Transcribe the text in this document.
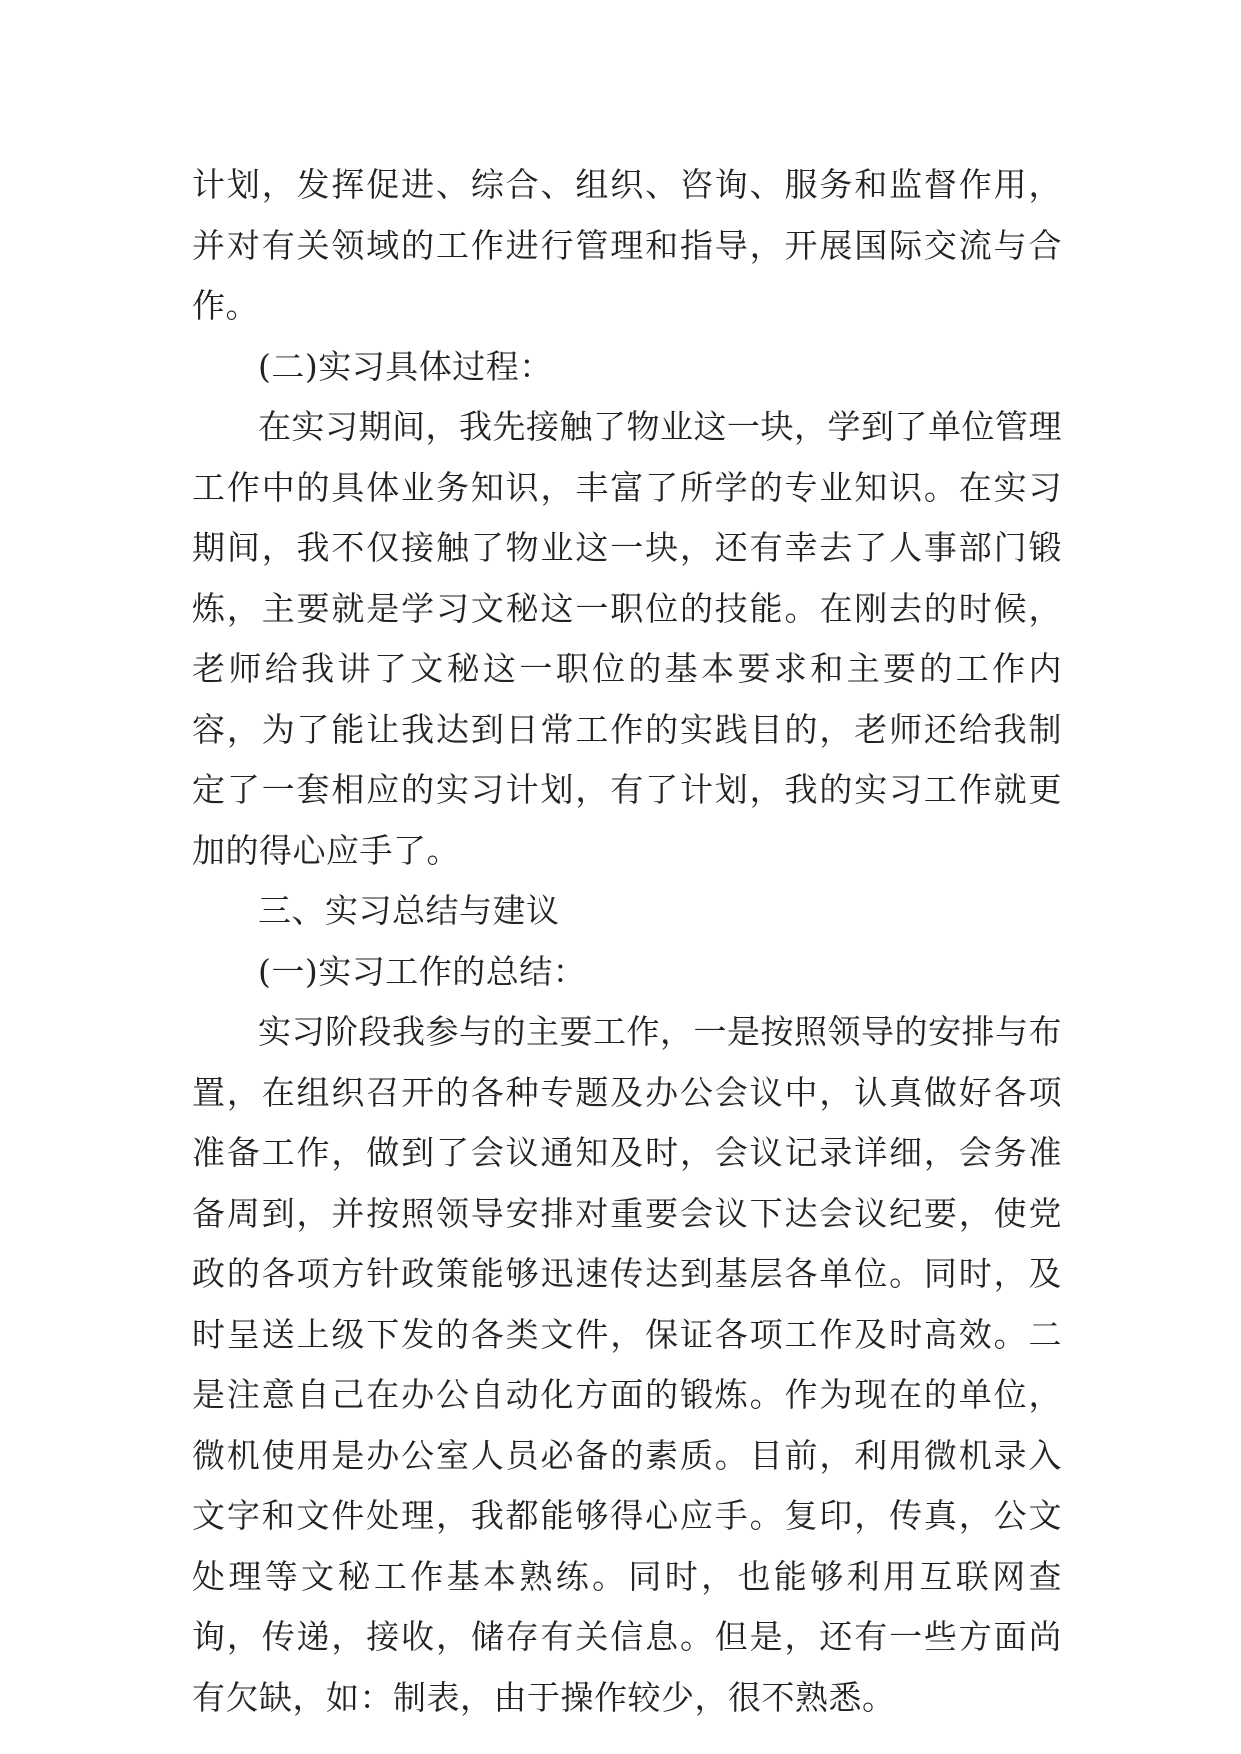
计划，发挥促进、综合、组织、咨询、服务和监督作用，并对有关领域的工作进行管理和指导，开展国际交流与合作。

(二)实习具体过程：

在实习期间，我先接触了物业这一块，学到了单位管理工作中的具体业务知识，丰富了所学的专业知识。在实习期间，我不仅接触了物业这一块，还有幸去了人事部门锻炼，主要就是学习文秘这一职位的技能。在刚去的时候，老师给我讲了文秘这一职位的基本要求和主要的工作内容，为了能让我达到日常工作的实践目的，老师还给我制定了一套相应的实习计划，有了计划，我的实习工作就更加的得心应手了。

三、实习总结与建议

(一)实习工作的总结：

实习阶段我参与的主要工作，一是按照领导的安排与布置，在组织召开的各种专题及办公会议中，认真做好各项准备工作，做到了会议通知及时，会议记录详细，会务准备周到，并按照领导安排对重要会议下达会议纪要，使党政的各项方针政策能够迅速传达到基层各单位。同时，及时呈送上级下发的各类文件，保证各项工作及时高效。二是注意自己在办公自动化方面的锻炼。作为现在的单位，微机使用是办公室人员必备的素质。目前，利用微机录入文字和文件处理，我都能够得心应手。复印，传真，公文处理等文秘工作基本熟练。同时，也能够利用互联网查询，传递，接收，储存有关信息。但是，还有一些方面尚有欠缺，如：制表，由于操作较少，很不熟悉。
